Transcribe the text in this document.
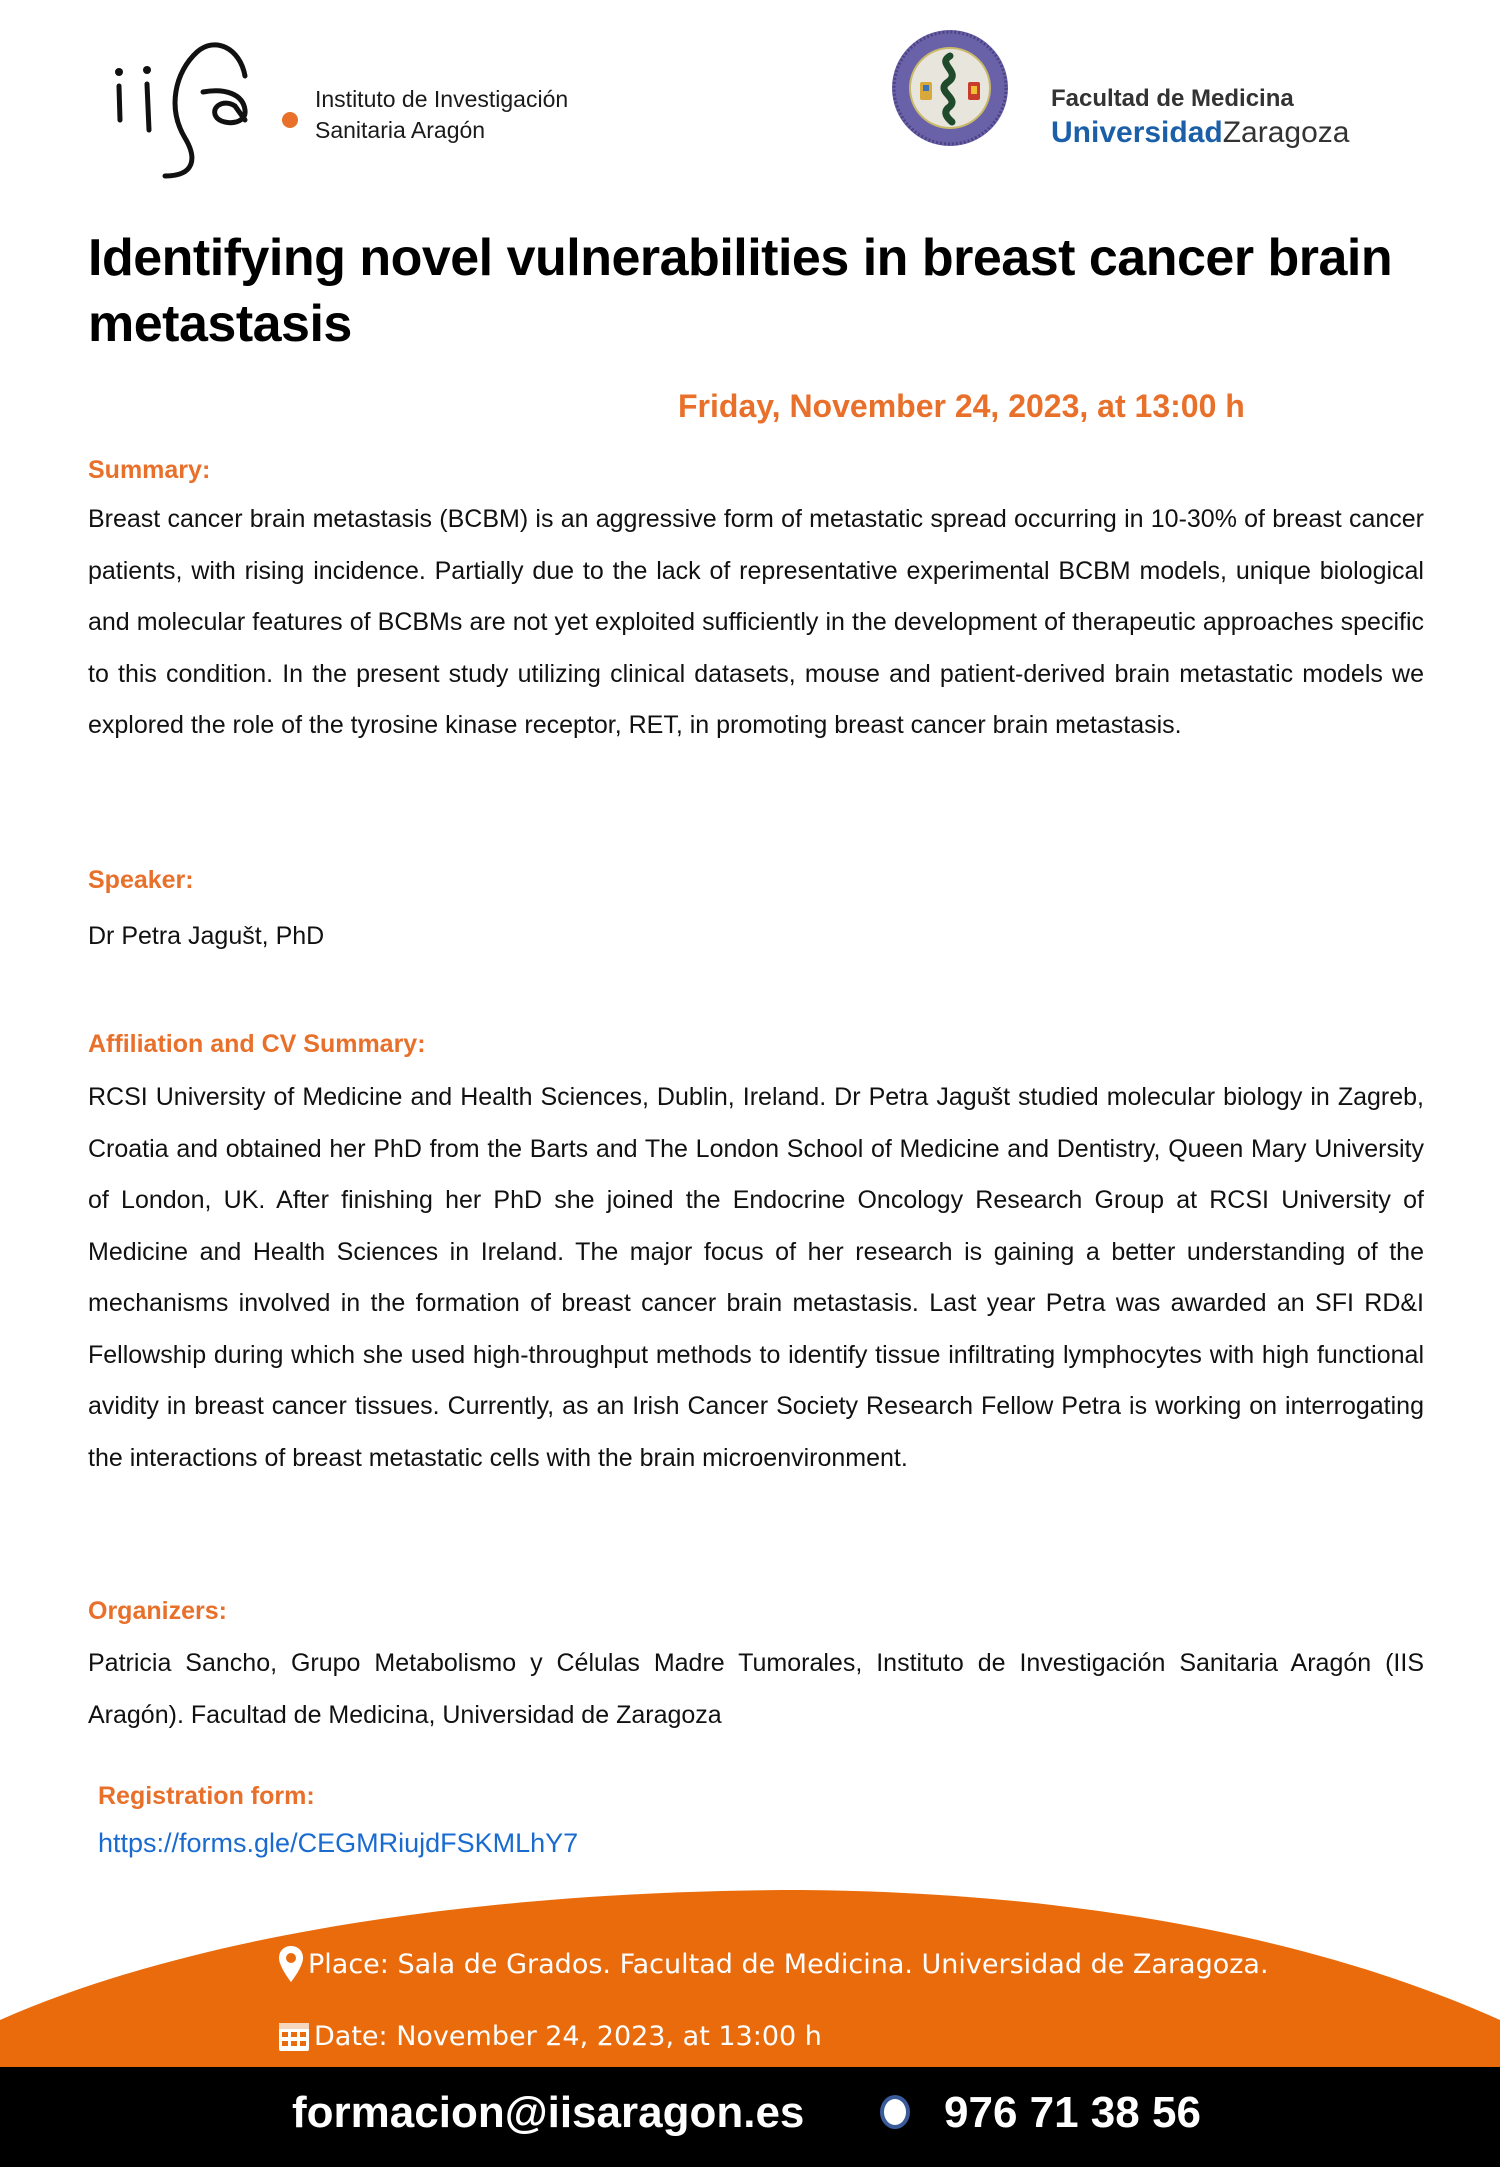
Instituto de Investigación
Sanitaria Aragón
Facultad de Medicina
UniversidadZaragoza
Identifying novel vulnerabilities in breast cancer brain metastasis
Friday, November 24, 2023, at 13:00 h
Summary:

Breast cancer brain metastasis (BCBM) is an aggressive form of metastatic spread occurring in 10-30% of breast cancer patients, with rising incidence. Partially due to the lack of representative experimental BCBM models, unique biological and molecular features of BCBMs are not yet exploited sufficiently in the development of therapeutic approaches specific to this condition. In the present study utilizing clinical datasets, mouse and patient-derived brain metastatic models we explored the role of the tyrosine kinase receptor, RET, in promoting breast cancer brain metastasis.

Speaker:

Dr Petra Jagušt, PhD

Affiliation and CV Summary:

RCSI University of Medicine and Health Sciences, Dublin, Ireland. Dr Petra Jagušt studied molecular biology in Zagreb, Croatia and obtained her PhD from the Barts and The London School of Medicine and Dentistry, Queen Mary University of London, UK. After finishing her PhD she joined the Endocrine Oncology Research Group at RCSI University of Medicine and Health Sciences in Ireland. The major focus of her research is gaining a better understanding of the mechanisms involved in the formation of breast cancer brain metastasis. Last year Petra was awarded an SFI RD&I Fellowship during which she used high-throughput methods to identify tissue infiltrating lymphocytes with high functional avidity in breast cancer tissues. Currently, as an Irish Cancer Society Research Fellow Petra is working on interrogating the interactions of breast metastatic cells with the brain microenvironment.

Organizers:

Patricia Sancho, Grupo Metabolismo y Células Madre Tumorales, Instituto de Investigación Sanitaria Aragón (IIS Aragón). Facultad de Medicina, Universidad de Zaragoza

Registration form:
https://forms.gle/CEGMRiujdFSKMLhY7
Place: Sala de Grados. Facultad de Medicina. Universidad de Zaragoza.
Date: November 24, 2023, at 13:00 h
formacion@iisaragon.es	976 71 38 56
